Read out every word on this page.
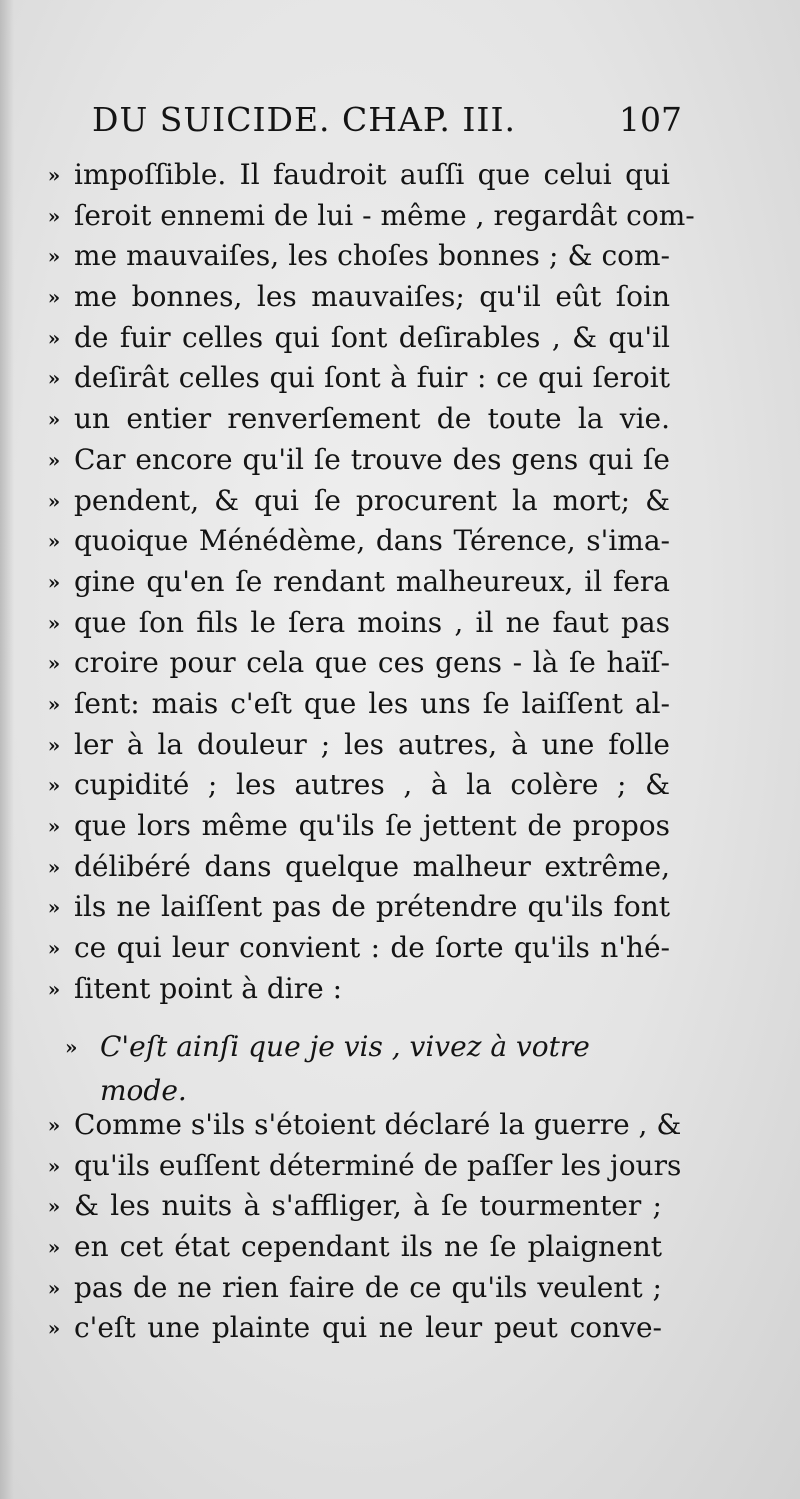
DU SUICIDE. CHAP. III.	107
» impoſſible. Il faudroit auſſi que celui qui
» ſeroit ennemi de lui - même , regardât com-
» me mauvaiſes, les choſes bonnes ; & com-
» me bonnes, les mauvaiſes; qu'il eût ſoin
» de fuir celles qui ſont deſirables , & qu'il
» deſirât celles qui ſont à fuir : ce qui ſeroit
» un entier renverſement de toute la vie.
» Car encore qu'il ſe trouve des gens qui ſe
» pendent, & qui ſe procurent la mort; &
» quoique Ménédème, dans Térence, s'ima-
» gine qu'en ſe rendant malheureux, il fera
» que ſon fils le ſera moins , il ne faut pas
» croire pour cela que ces gens - là ſe haïſ-
» ſent: mais c'eſt que les uns ſe laiſſent al-
» ler à la douleur ; les autres, à une folle
» cupidité ; les autres , à la colère ; &
» que lors même qu'ils ſe jettent de propos
» délibéré dans quelque malheur extrême,
» ils ne laiſſent pas de prétendre qu'ils font
» ce qui leur convient : de ſorte qu'ils n'hé-
» ſitent point à dire :
» C'eſt ainſi que je vis , vivez à votre mode.
» Comme s'ils s'étoient déclaré la guerre , &
» qu'ils euſſent déterminé de paſſer les jours
» & les nuits à s'affliger, à ſe tourmenter ;
» en cet état cependant ils ne ſe plaignent
» pas de ne rien faire de ce qu'ils veulent ;
» c'eſt une plainte qui ne leur peut conve-
